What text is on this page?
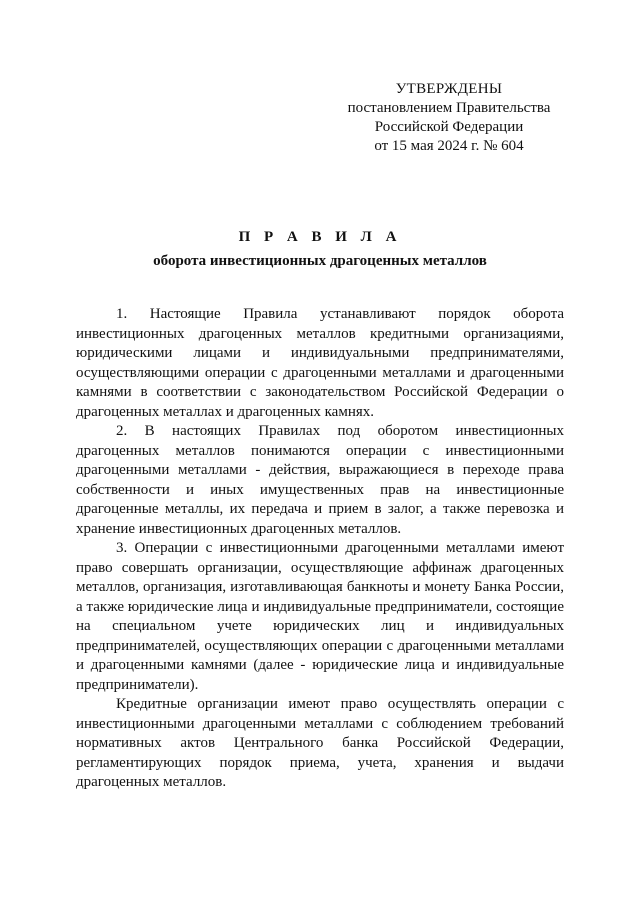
УТВЕРЖДЕНЫ
постановлением Правительства
Российской Федерации
от 15 мая 2024 г. № 604
П Р А В И Л А
оборота инвестиционных драгоценных металлов

1. Настоящие Правила устанавливают порядок оборота инвестиционных драгоценных металлов кредитными организациями, юридическими лицами и индивидуальными предпринимателями, осуществляющими операции с драгоценными металлами и драгоценными камнями в соответствии с законодательством Российской Федерации о драгоценных металлах и драгоценных камнях.

2. В настоящих Правилах под оборотом инвестиционных драгоценных металлов понимаются операции с инвестиционными драгоценными металлами - действия, выражающиеся в переходе права собственности и иных имущественных прав на инвестиционные драгоценные металлы, их передача и прием в залог, а также перевозка и хранение инвестиционных драгоценных металлов.

3. Операции с инвестиционными драгоценными металлами имеют право совершать организации, осуществляющие аффинаж драгоценных металлов, организация, изготавливающая банкноты и монету Банка России, а также юридические лица и индивидуальные предприниматели, состоящие на специальном учете юридических лиц и индивидуальных предпринимателей, осуществляющих операции с драгоценными металлами и драгоценными камнями (далее - юридические лица и индивидуальные предприниматели).

Кредитные организации имеют право осуществлять операции с инвестиционными драгоценными металлами с соблюдением требований нормативных актов Центрального банка Российской Федерации, регламентирующих порядок приема, учета, хранения и выдачи драгоценных металлов.
